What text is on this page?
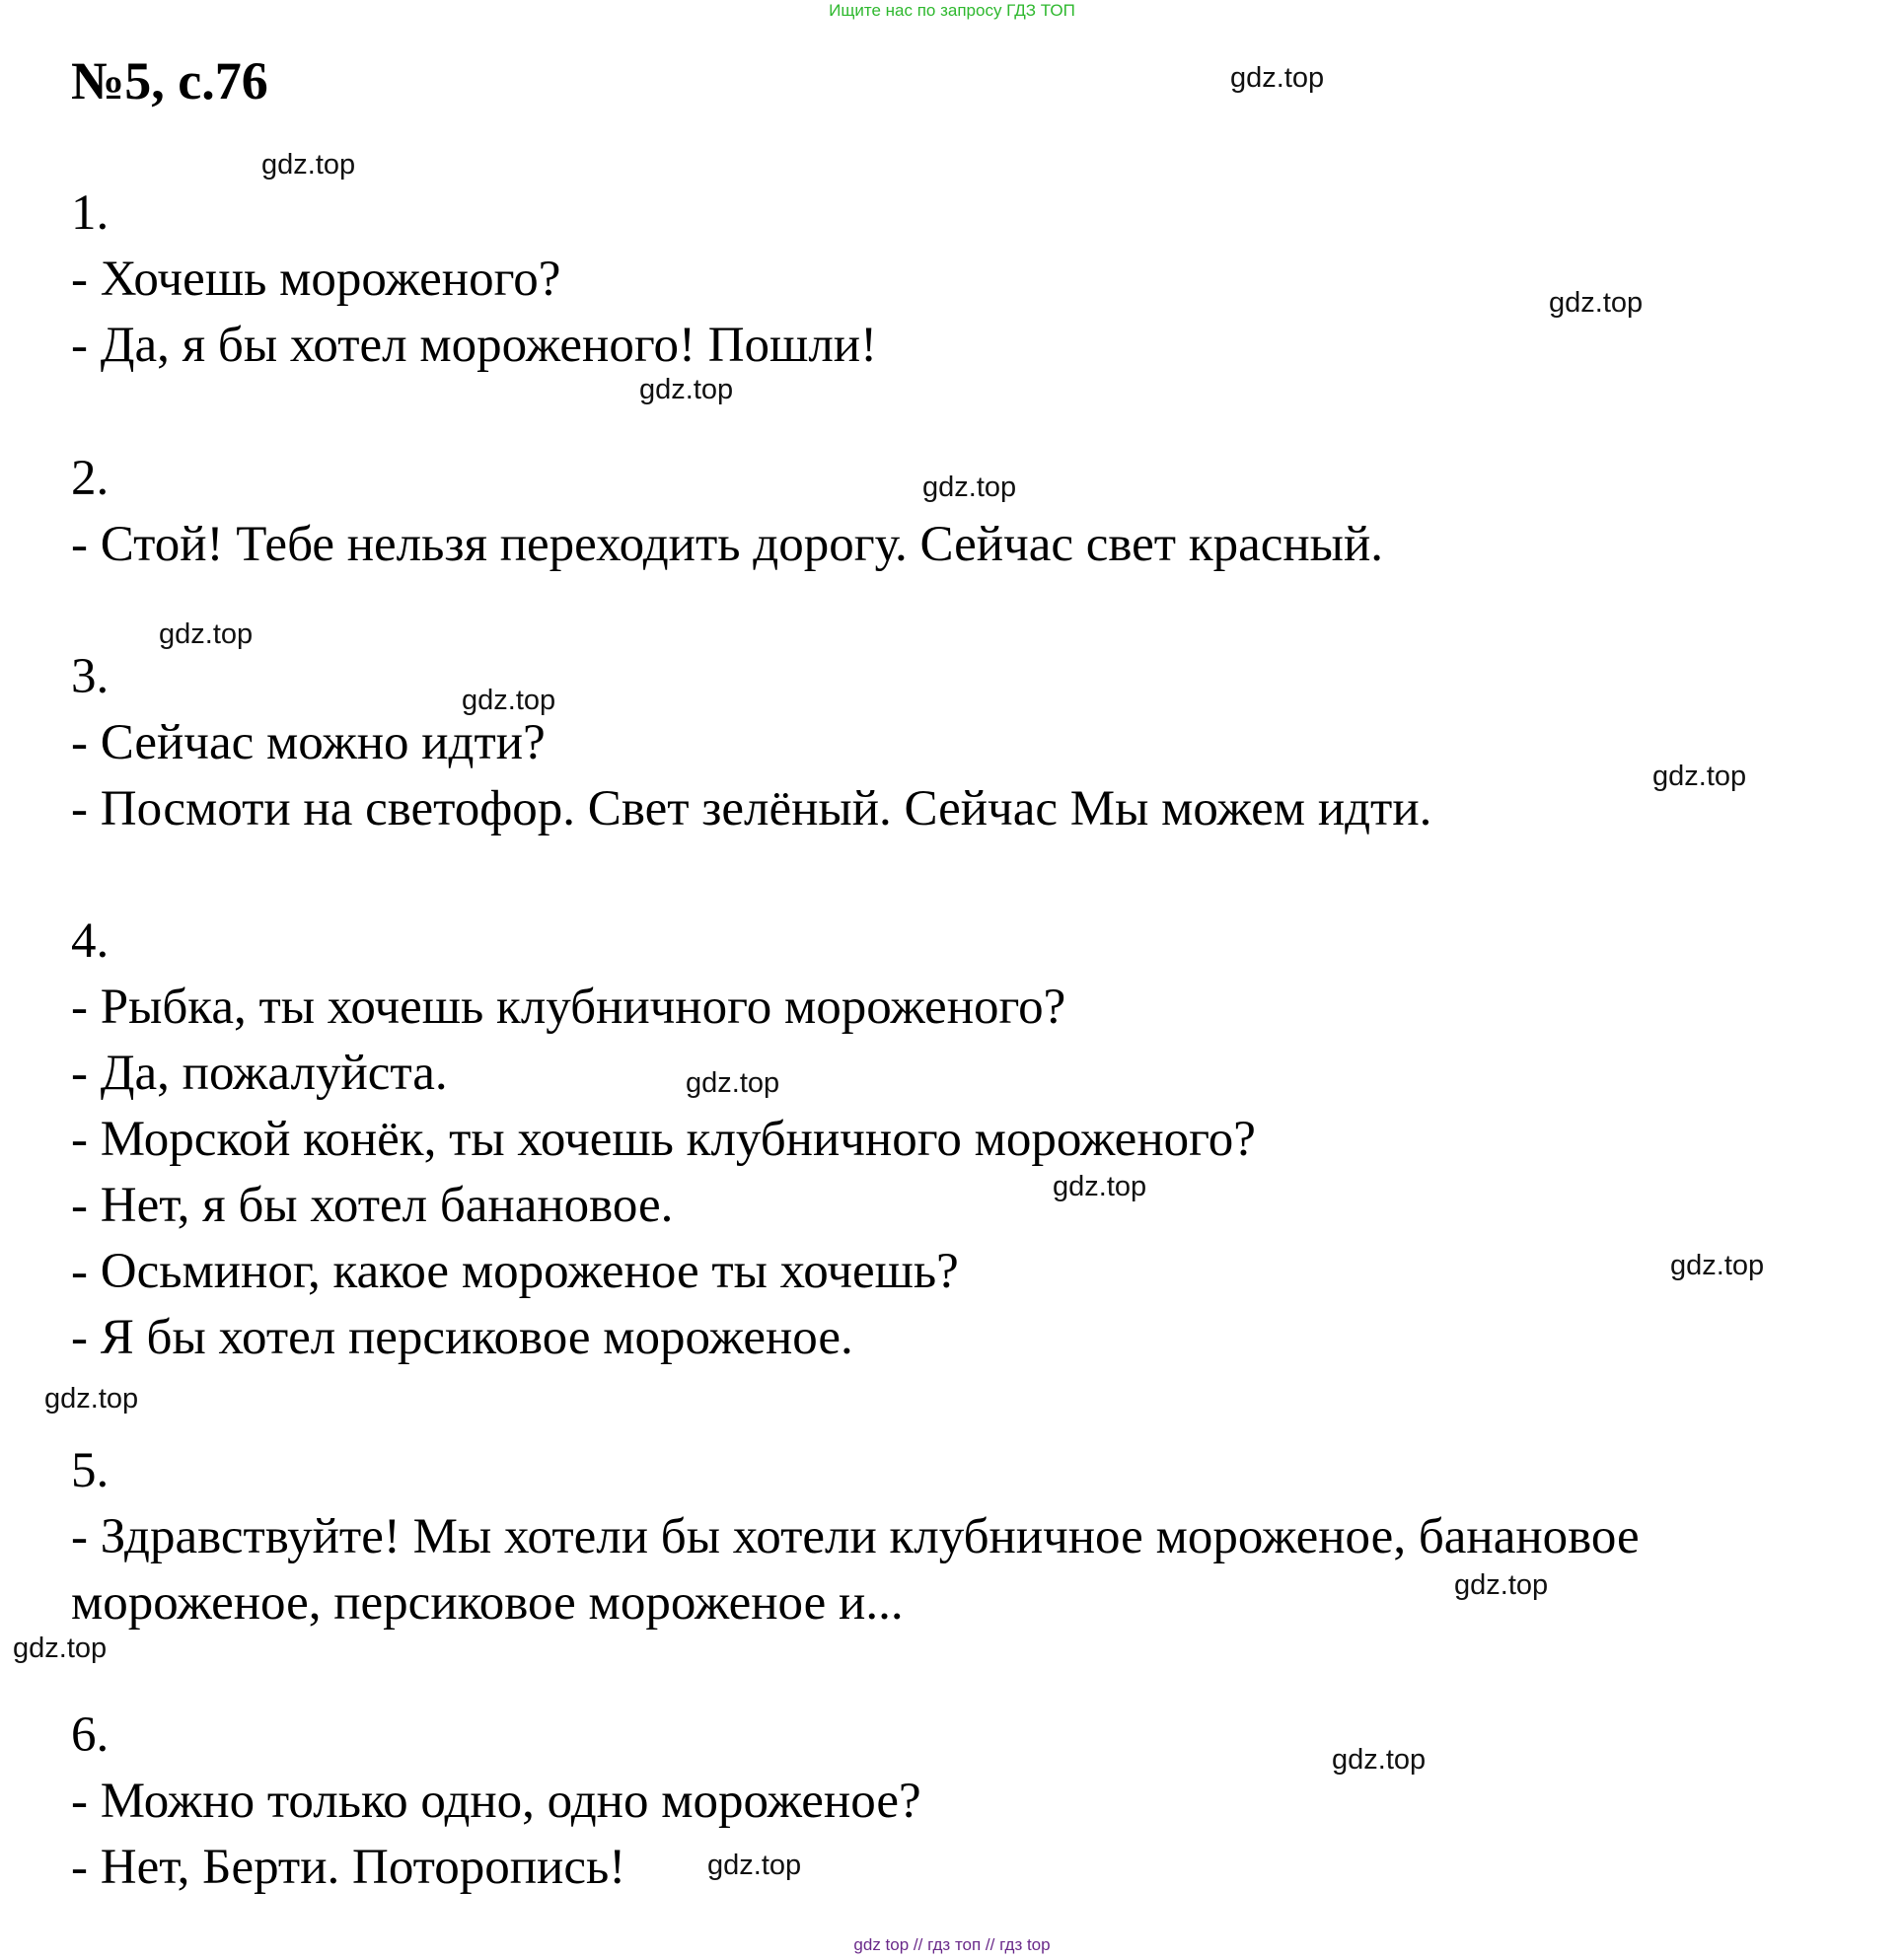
Ищите нас по запросу ГДЗ ТОП
№5, с.76
1.
- Хочешь мороженого?
- Да, я бы хотел мороженого! Пошли!
2.
- Стой! Тебе нельзя переходить дорогу. Сейчас свет красный.
3.
- Сейчас можно идти?
- Посмоти на светофор. Свет зелёный. Сейчас Мы можем идти.
4.
- Рыбка, ты хочешь клубничного мороженого?
- Да, пожалуйста.
- Морской конёк, ты хочешь клубничного мороженого?
- Нет, я бы хотел банановое.
- Осьминог, какое мороженое ты хочешь?
- Я бы хотел персиковое мороженое.
5.
- Здравствуйте! Мы хотели бы хотели клубничное мороженое, банановое
мороженое, персиковое мороженое и...
6.
- Можно только одно, одно мороженое?
- Нет, Берти. Поторопись!
gdz.top
gdz.top
gdz.top
gdz.top
gdz.top
gdz.top
gdz.top
gdz.top
gdz.top
gdz.top
gdz.top
gdz.top
gdz.top
gdz.top
gdz.top
gdz.top
gdz top // гдз топ // гдз top
